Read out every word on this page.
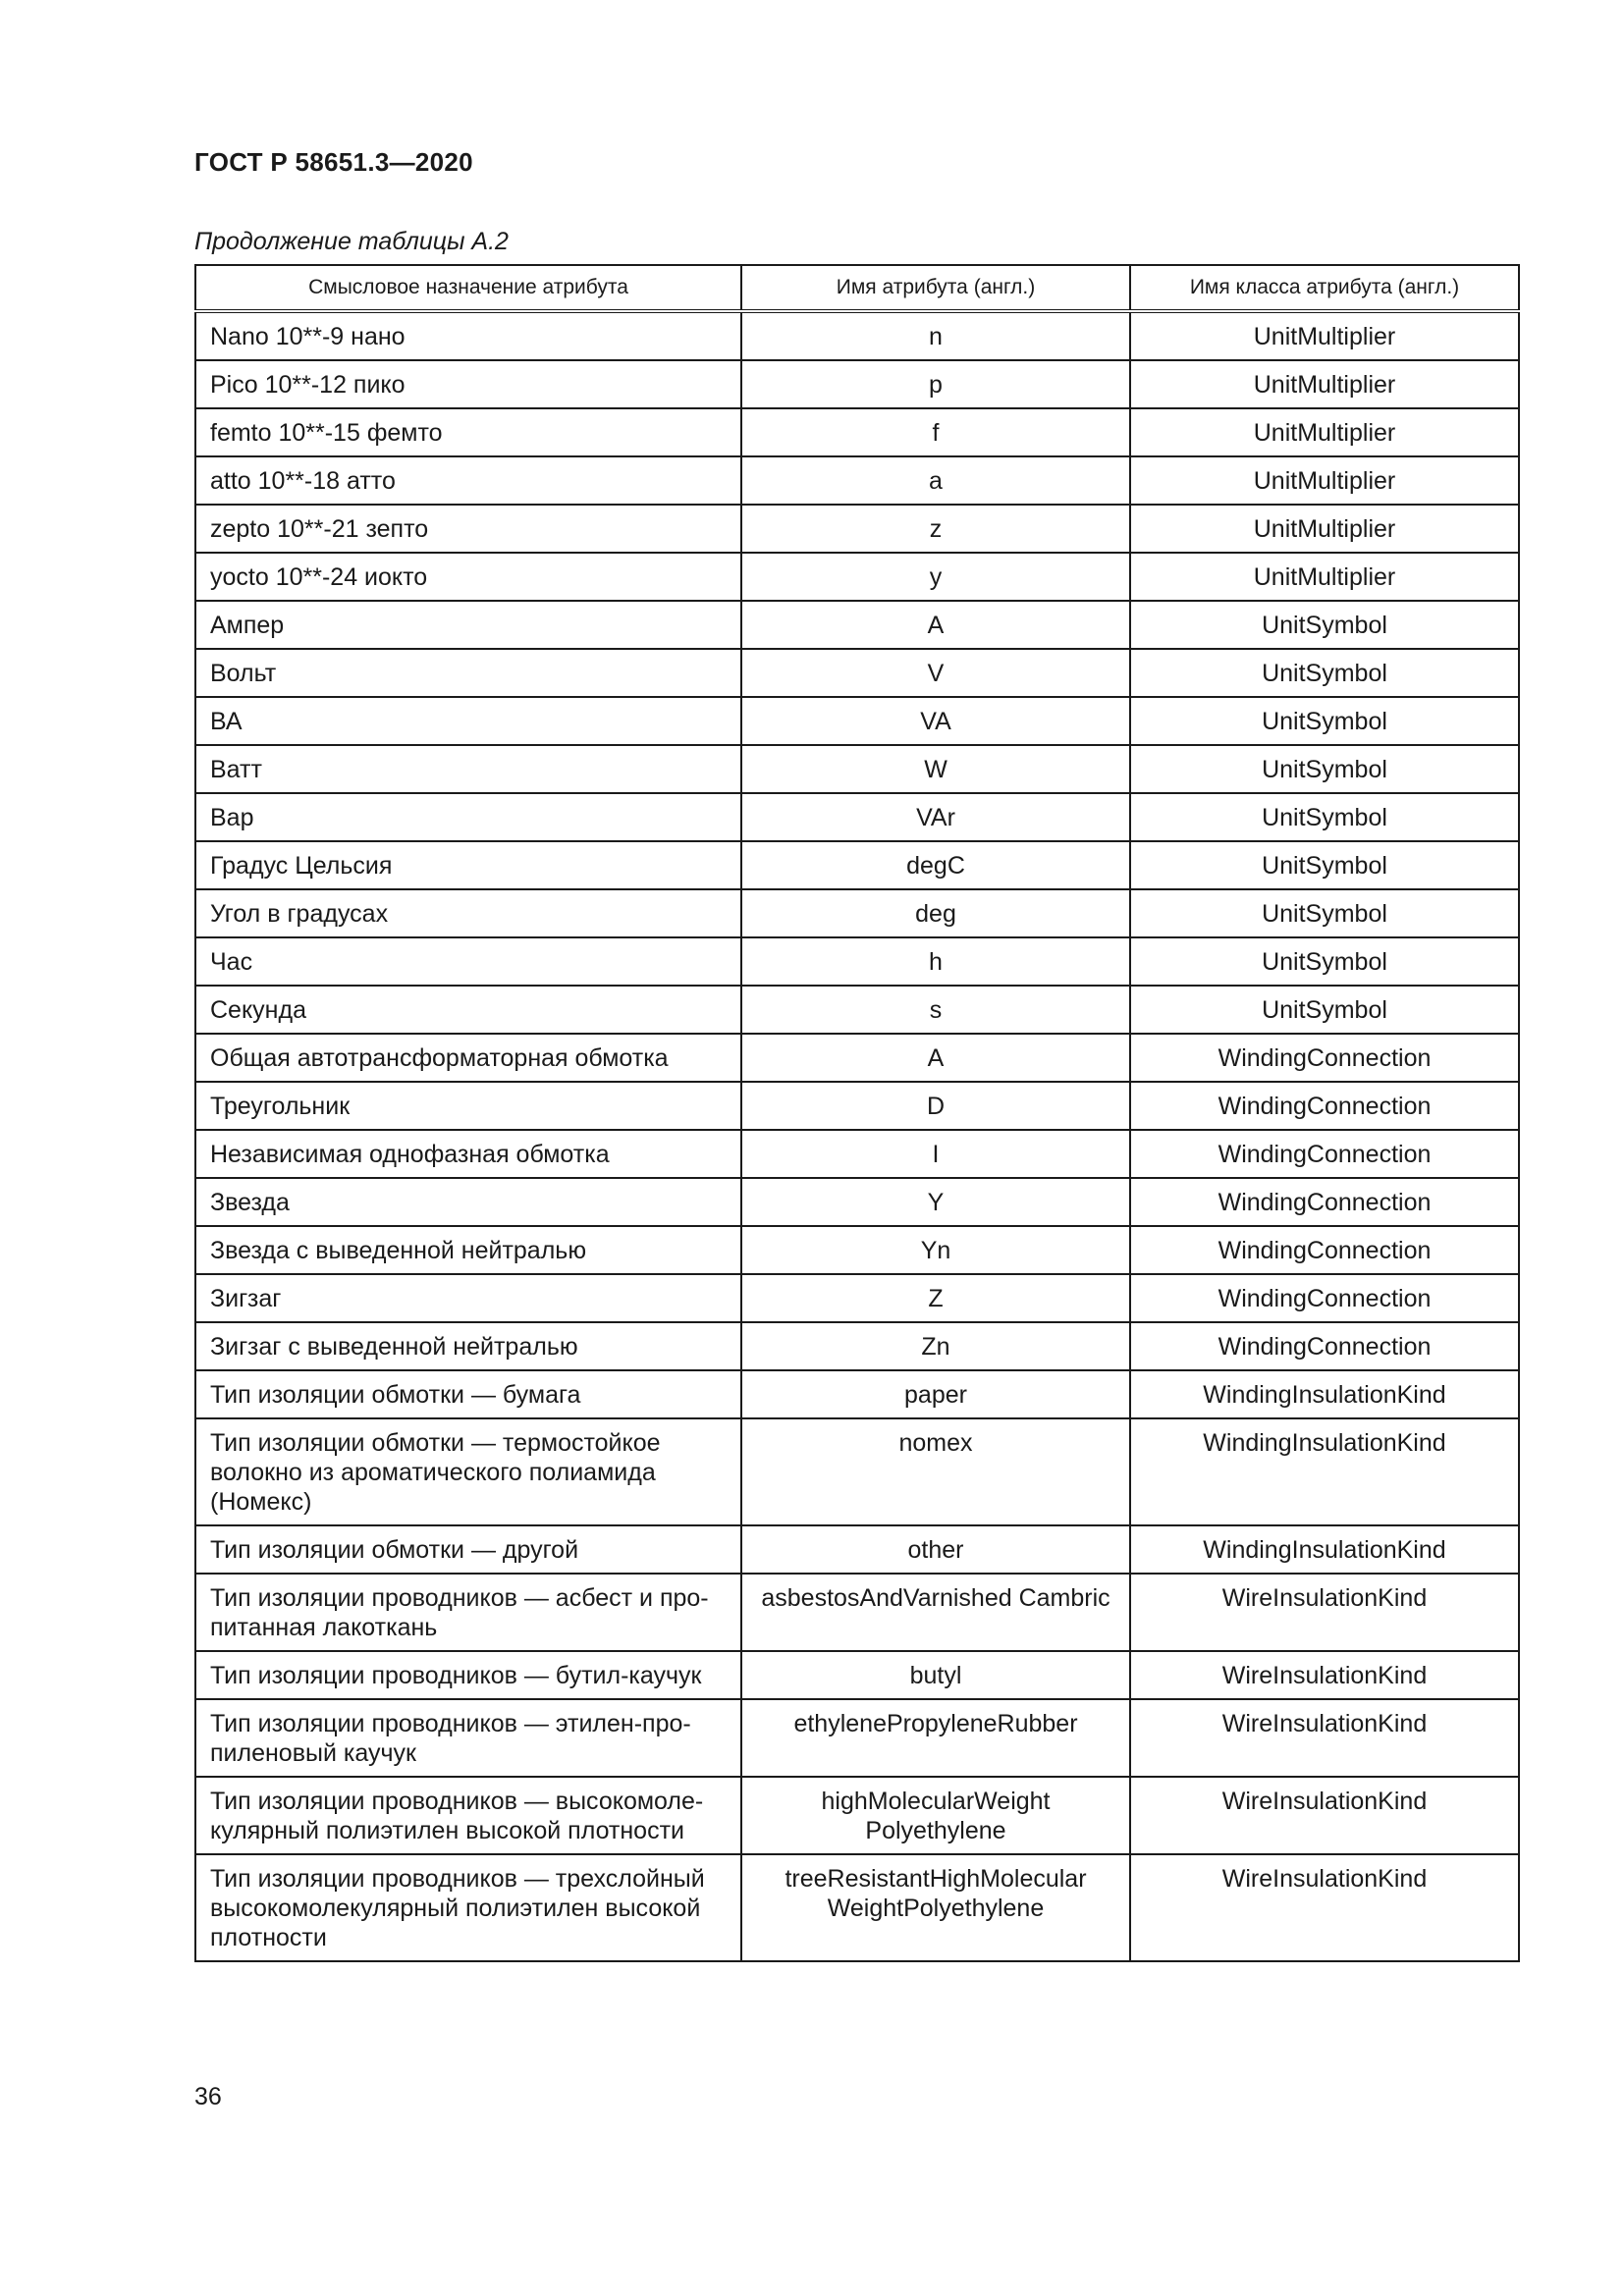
ГОСТ Р 58651.3—2020
Продолжение таблицы А.2
Смысловое назначение атрибута	Имя атрибута (англ.)	Имя класса атрибута (англ.)
Nano 10**-9 нано	n	UnitMultiplier
Pico 10**-12 пико	p	UnitMultiplier
femto 10**-15 фемто	f	UnitMultiplier
atto 10**-18 атто	a	UnitMultiplier
zepto 10**-21 зепто	z	UnitMultiplier
yocto 10**-24 иокто	y	UnitMultiplier
Ампер	A	UnitSymbol
Вольт	V	UnitSymbol
ВА	VA	UnitSymbol
Ватт	W	UnitSymbol
Вар	VAr	UnitSymbol
Градус Цельсия	degC	UnitSymbol
Угол в градусах	deg	UnitSymbol
Час	h	UnitSymbol
Секунда	s	UnitSymbol
Общая автотрансформаторная обмотка	A	WindingConnection
Треугольник	D	WindingConnection
Независимая однофазная обмотка	I	WindingConnection
Звезда	Y	WindingConnection
Звезда с выведенной нейтралью	Yn	WindingConnection
Зигзаг	Z	WindingConnection
Зигзаг с выведенной нейтралью	Zn	WindingConnection
Тип изоляции обмотки — бумага	paper	WindingInsulationKind
Тип изоляции обмотки — термостойкое волокно из ароматического полиамида (Номекс)	nomex	WindingInsulationKind
Тип изоляции обмотки — другой	other	WindingInsulationKind
Тип изоляции проводников — асбест и про-питанная лакоткань	asbestosAndVarnished Cambric	WireInsulationKind
Тип изоляции проводников — бутил-каучук	butyl	WireInsulationKind
Тип изоляции проводников — этилен-про-пиленовый каучук	ethylenePropyleneRubber	WireInsulationKind
Тип изоляции проводников — высокомоле-кулярный полиэтилен высокой плотности	highMolecularWeight Polyethylene	WireInsulationKind
Тип изоляции проводников — трехслойный высокомолекулярный полиэтилен высокой плотности	treeResistantHighMolecular WeightPolyethylene	WireInsulationKind
36
